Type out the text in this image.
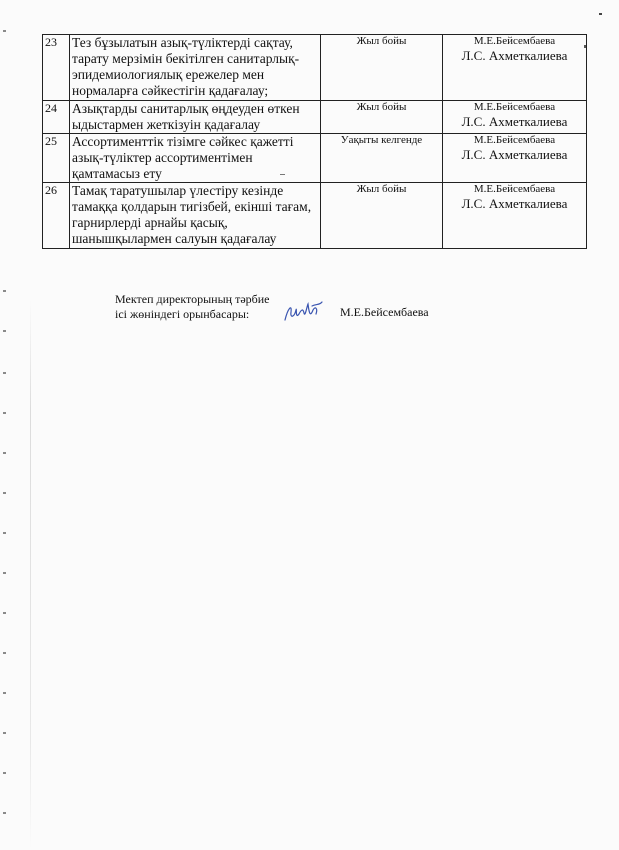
23	Тез бұзылатын азық-түліктерді сақтау, тарату мерзімін бекітілген санитарлық-эпидемиологиялық ережелер мен нормаларға сәйкестігін қадағалау;	Жыл бойы	М.Е.Бейсембаева
Л.С. Ахметкалиева

24	Азықтарды санитарлық өңдеуден өткен ыдыстармен жеткізуін қадағалау	Жыл бойы	М.Е.Бейсембаева
Л.С. Ахметкалиева

25	Ассортименттік тізімге сәйкес қажетті азық-түліктер ассортиментімен қамтамасыз ету	Уақыты келгенде	М.Е.Бейсембаева
Л.С. Ахметкалиева

26	Тамақ таратушылар үлестіру кезінде тамаққа қолдарын тигізбей, екінші тағам, гарнирлерді арнайы қасық, шанышқылармен салуын қадағалау	Жыл бойы	М.Е.Бейсембаева
Л.С. Ахметкалиева
Мектеп директорының тәрбие
ісі жөніндегі орынбасары:	М.Е.Бейсембаева
